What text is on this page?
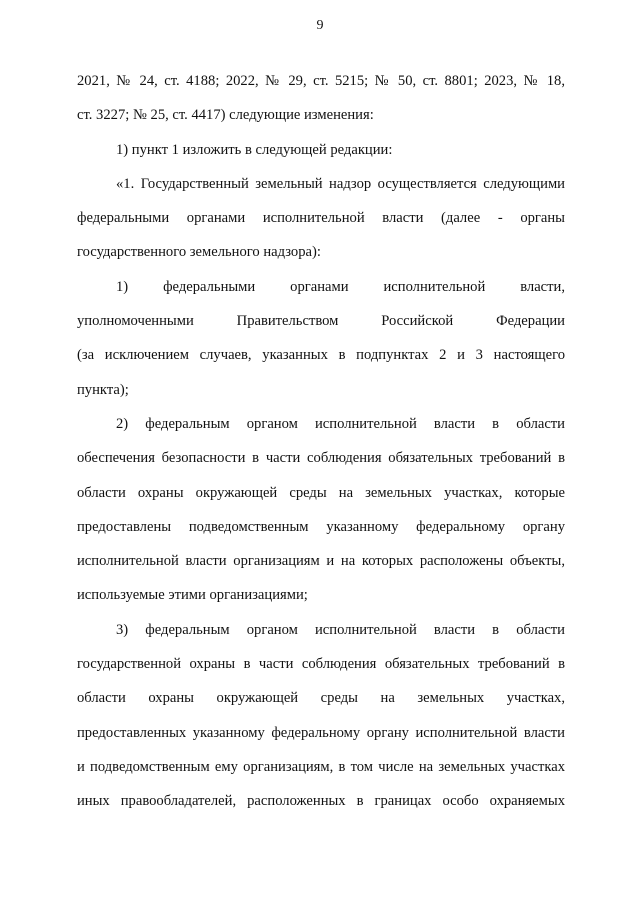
9
2021, № 24, ст. 4188; 2022, № 29, ст. 5215; № 50, ст. 8801; 2023, № 18,
ст. 3227; № 25, ст. 4417) следующие изменения:
1) пункт 1 изложить в следующей редакции:
«1. Государственный земельный надзор осуществляется следующими
федеральными органами исполнительной власти (далее - органы
государственного земельного надзора):
1) федеральными органами исполнительной власти,
уполномоченными Правительством Российской Федерации
(за исключением случаев, указанных в подпунктах 2 и 3 настоящего
пункта);
2) федеральным органом исполнительной власти в области
обеспечения безопасности в части соблюдения обязательных требований в
области охраны окружающей среды на земельных участках, которые
предоставлены подведомственным указанному федеральному органу
исполнительной власти организациям и на которых расположены объекты,
используемые этими организациями;
3) федеральным органом исполнительной власти в области
государственной охраны в части соблюдения обязательных требований в
области охраны окружающей среды на земельных участках,
предоставленных указанному федеральному органу исполнительной власти
и подведомственным ему организациям, в том числе на земельных участках
иных правообладателей, расположенных в границах особо охраняемых
